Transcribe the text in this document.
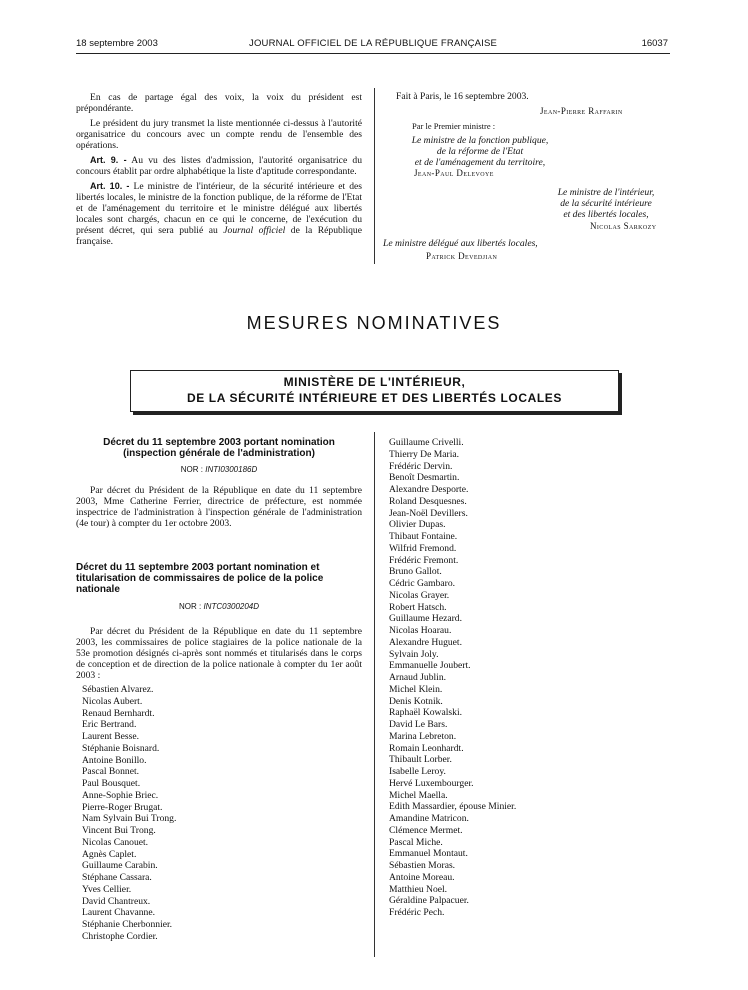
18 septembre 2003	JOURNAL OFFICIEL DE LA RÉPUBLIQUE FRANÇAISE	16037

En cas de partage égal des voix, la voix du président est prépondérante.

Le président du jury transmet la liste mentionnée ci-dessus à l'autorité organisatrice du concours avec un compte rendu de l'ensemble des opérations.

Art. 9. - Au vu des listes d'admission, l'autorité organisatrice du concours établit par ordre alphabétique la liste d'aptitude correspondante.

Art. 10. - Le ministre de l'intérieur, de la sécurité intérieure et des libertés locales, le ministre de la fonction publique, de la réforme de l'Etat et de l'aménagement du territoire et le ministre délégué aux libertés locales sont chargés, chacun en ce qui le concerne, de l'exécution du présent décret, qui sera publié au Journal officiel de la République française.

Fait à Paris, le 16 septembre 2003.
Jean-Pierre Raffarin
Par le Premier ministre :
Le ministre de la fonction publique,
de la réforme de l'Etat
et de l'aménagement du territoire,
Jean-Paul Delevoye
Le ministre de l'intérieur,
de la sécurité intérieure
et des libertés locales,
Nicolas Sarkozy
Le ministre délégué aux libertés locales,
Patrick Devedjian
MESURES NOMINATIVES
MINISTÈRE DE L'INTÉRIEUR,
DE LA SÉCURITÉ INTÉRIEURE ET DES LIBERTÉS LOCALES
Décret du 11 septembre 2003 portant nomination
(inspection générale de l'administration)
NOR : INTI0300186D

Par décret du Président de la République en date du 11 septembre 2003, Mme Catherine Ferrier, directrice de préfecture, est nommée inspectrice de l'administration à l'inspection générale de l'administration (4e tour) à compter du 1er octobre 2003.

Décret du 11 septembre 2003 portant nomination et
titularisation de commissaires de police de la police
nationale
NOR : INTC0300204D

Par décret du Président de la République en date du 11 septembre 2003, les commissaires de police stagiaires de la police nationale de la 53e promotion désignés ci-après sont nommés et titularisés dans le corps de conception et de direction de la police nationale à compter du 1er août 2003 :

Sébastien Alvarez.
Nicolas Aubert.
Renaud Bernhardt.
Eric Bertrand.
Laurent Besse.
Stéphanie Boisnard.
Antoine Bonillo.
Pascal Bonnet.
Paul Bousquet.
Anne-Sophie Briec.
Pierre-Roger Brugat.
Nam Sylvain Bui Trong.
Vincent Bui Trong.
Nicolas Canouet.
Agnès Caplet.
Guillaume Carabin.
Stéphane Cassara.
Yves Cellier.
David Chantreux.
Laurent Chavanne.
Stéphanie Cherbonnier.
Christophe Cordier.
Guillaume Crivelli.
Thierry De Maria.
Frédéric Dervin.
Benoît Desmartin.
Alexandre Desporte.
Roland Desquesnes.
Jean-Noël Devillers.
Olivier Dupas.
Thibaut Fontaine.
Wilfrid Fremond.
Frédéric Fremont.
Bruno Gallot.
Cédric Gambaro.
Nicolas Grayer.
Robert Hatsch.
Guillaume Hezard.
Nicolas Hoarau.
Alexandre Huguet.
Sylvain Joly.
Emmanuelle Joubert.
Arnaud Jublin.
Michel Klein.
Denis Kotnik.
Raphaël Kowalski.
David Le Bars.
Marina Lebreton.
Romain Leonhardt.
Thibault Lorber.
Isabelle Leroy.
Hervé Luxembourger.
Michel Maella.
Edith Massardier, épouse Minier.
Amandine Matricon.
Clémence Mermet.
Pascal Miche.
Emmanuel Montaut.
Sébastien Moras.
Antoine Moreau.
Matthieu Noel.
Géraldine Palpacuer.
Frédéric Pech.
